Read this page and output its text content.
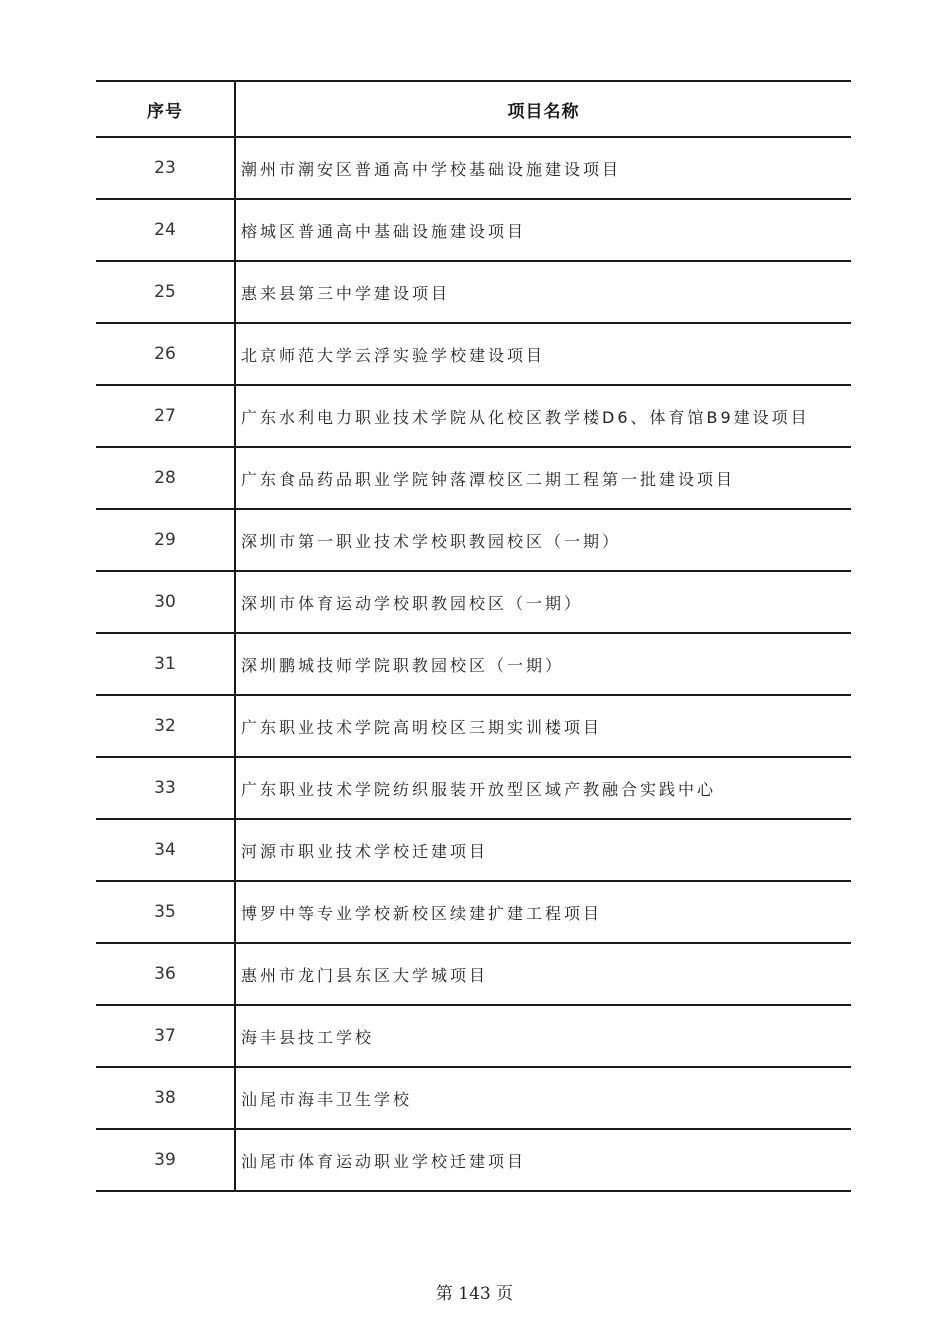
序号	项目名称
23	潮州市潮安区普通高中学校基础设施建设项目
24	榕城区普通高中基础设施建设项目
25	惠来县第三中学建设项目
26	北京师范大学云浮实验学校建设项目
27	广东水利电力职业技术学院从化校区教学楼D6、体育馆B9建设项目
28	广东食品药品职业学院钟落潭校区二期工程第一批建设项目
29	深圳市第一职业技术学校职教园校区（一期）
30	深圳市体育运动学校职教园校区（一期）
31	深圳鹏城技师学院职教园校区（一期）
32	广东职业技术学院高明校区三期实训楼项目
33	广东职业技术学院纺织服装开放型区域产教融合实践中心
34	河源市职业技术学校迁建项目
35	博罗中等专业学校新校区续建扩建工程项目
36	惠州市龙门县东区大学城项目
37	海丰县技工学校
38	汕尾市海丰卫生学校
39	汕尾市体育运动职业学校迁建项目
第 143 页
